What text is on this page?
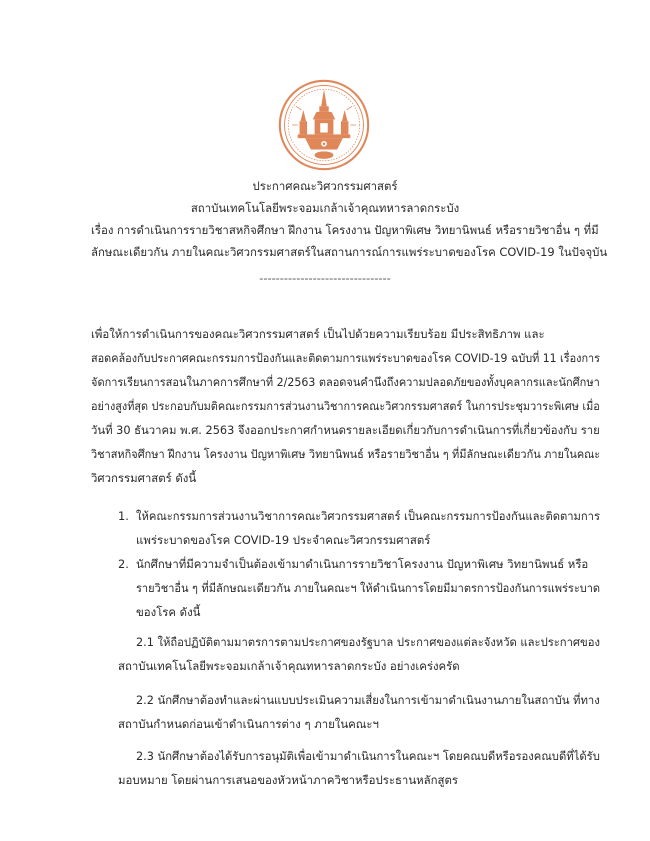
ประกาศคณะวิศวกรรมศาสตร์
สถาบันเทคโนโลยีพระจอมเกล้าเจ้าคุณทหารลาดกระบัง
เรื่อง การดำเนินการรายวิชาสหกิจศึกษา ฝึกงาน โครงงาน ปัญหาพิเศษ วิทยานิพนธ์ หรือรายวิชาอื่น ๆ ที่มี
ลักษณะเดียวกัน ภายในคณะวิศวกรรมศาสตร์ในสถานการณ์การแพร่ระบาดของโรค COVID-19 ในปัจจุบัน
--------------------------------
เพื่อให้การดำเนินการของคณะวิศวกรรมศาสตร์ เป็นไปด้วยความเรียบร้อย มีประสิทธิภาพ และ
สอดคล้องกับประกาศคณะกรรมการป้องกันและติดตามการแพร่ระบาดของโรค COVID-19 ฉบับที่ 11 เรื่องการ
จัดการเรียนการสอนในภาคการศึกษาที่ 2/2563 ตลอดจนคำนึงถึงความปลอดภัยของทั้งบุคลากรและนักศึกษา
อย่างสูงที่สุด ประกอบกับมติคณะกรรมการส่วนงานวิชาการคณะวิศวกรรมศาสตร์ ในการประชุมวาระพิเศษ เมื่อ
วันที่ 30 ธันวาคม พ.ศ. 2563 จึงออกประกาศกำหนดรายละเอียดเกี่ยวกับการดำเนินการที่เกี่ยวข้องกับ ราย
วิชาสหกิจศึกษา ฝึกงาน โครงงาน ปัญหาพิเศษ วิทยานิพนธ์ หรือรายวิชาอื่น ๆ ที่มีลักษณะเดียวกัน ภายในคณะ
วิศวกรรมศาสตร์ ดังนี้
1. ให้คณะกรรมการส่วนงานวิชาการคณะวิศวกรรมศาสตร์ เป็นคณะกรรมการป้องกันและติดตามการ
แพร่ระบาดของโรค COVID-19 ประจำคณะวิศวกรรมศาสตร์
2. นักศึกษาที่มีความจำเป็นต้องเข้ามาดำเนินการรายวิชาโครงงาน ปัญหาพิเศษ วิทยานิพนธ์ หรือ
รายวิชาอื่น ๆ ที่มีลักษณะเดียวกัน ภายในคณะฯ ให้ดำเนินการโดยมีมาตรการป้องกันการแพร่ระบาด
ของโรค ดังนี้
2.1 ให้ถือปฏิบัติตามมาตรการตามประกาศของรัฐบาล ประกาศของแต่ละจังหวัด และประกาศของ
สถาบันเทคโนโลยีพระจอมเกล้าเจ้าคุณทหารลาดกระบัง อย่างเคร่งครัด
2.2 นักศึกษาต้องทำและผ่านแบบประเมินความเสี่ยงในการเข้ามาดำเนินงานภายในสถาบัน ที่ทาง
สถาบันกำหนดก่อนเข้าดำเนินการต่าง ๆ ภายในคณะฯ
2.3 นักศึกษาต้องได้รับการอนุมัติเพื่อเข้ามาดำเนินการในคณะฯ โดยคณบดีหรือรองคณบดีที่ได้รับ
มอบหมาย โดยผ่านการเสนอของหัวหน้าภาควิชาหรือประธานหลักสูตร
